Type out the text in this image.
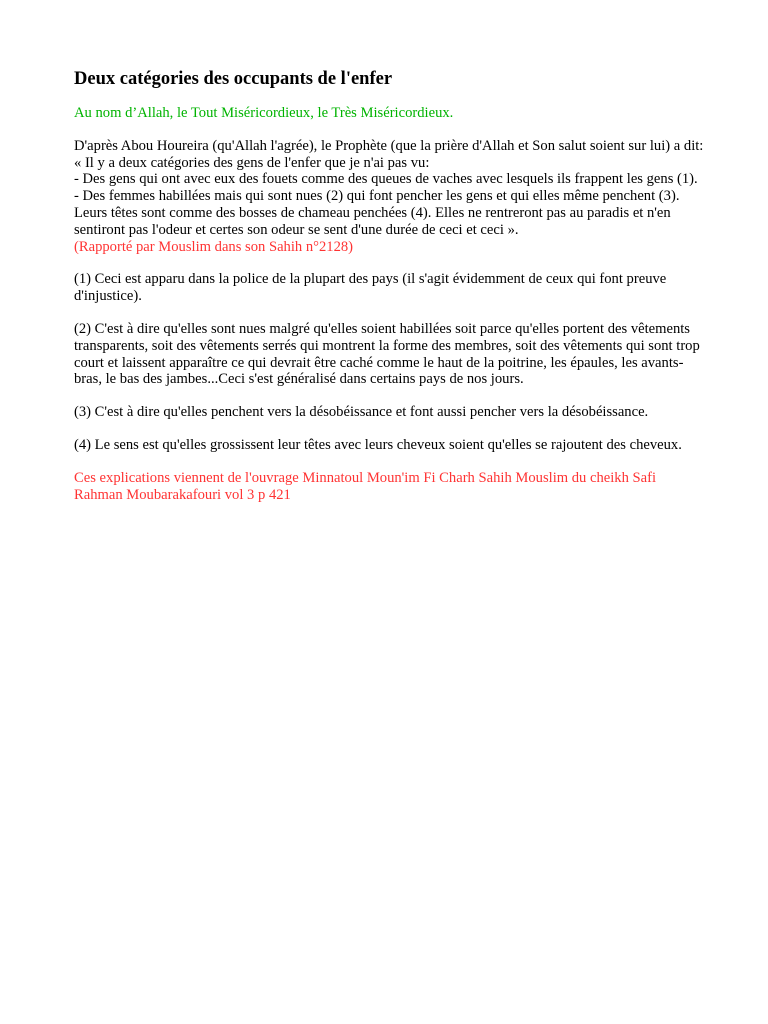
Deux catégories des occupants de l'enfer

Au nom d’Allah, le Tout Miséricordieux, le Très Miséricordieux.

D'après Abou Houreira (qu'Allah l'agrée), le Prophète (que la prière d'Allah et Son salut soient sur lui) a dit:
« Il y a deux catégories des gens de l'enfer que je n'ai pas vu:
- Des gens qui ont avec eux des fouets comme des queues de vaches avec lesquels ils frappent les gens (1).
- Des femmes habillées mais qui sont nues (2) qui font pencher les gens et qui elles même penchent (3).
Leurs têtes sont comme des bosses de chameau penchées (4). Elles ne rentreront pas au paradis et n'en sentiront pas l'odeur et certes son odeur se sent d'une durée de ceci et ceci ».
(Rapporté par Mouslim dans son Sahih n°2128)

(1) Ceci est apparu dans la police de la plupart des pays (il s'agit évidemment de ceux qui font preuve d'injustice).

(2) C'est à dire qu'elles sont nues malgré qu'elles soient habillées soit parce qu'elles portent des vêtements transparents, soit des vêtements serrés qui montrent la forme des membres, soit des vêtements qui sont trop court et laissent apparaître ce qui devrait être caché comme le haut de la poitrine, les épaules, les avants-bras, le bas des jambes...Ceci s'est généralisé dans certains pays de nos jours.

(3) C'est à dire qu'elles penchent vers la désobéissance et font aussi pencher vers la désobéissance.

(4) Le sens est qu'elles grossissent leur têtes avec leurs cheveux soient qu'elles se rajoutent des cheveux.

Ces explications viennent de l'ouvrage Minnatoul Moun'im Fi Charh Sahih Mouslim du cheikh Safi Rahman Moubarakafouri vol 3 p 421
